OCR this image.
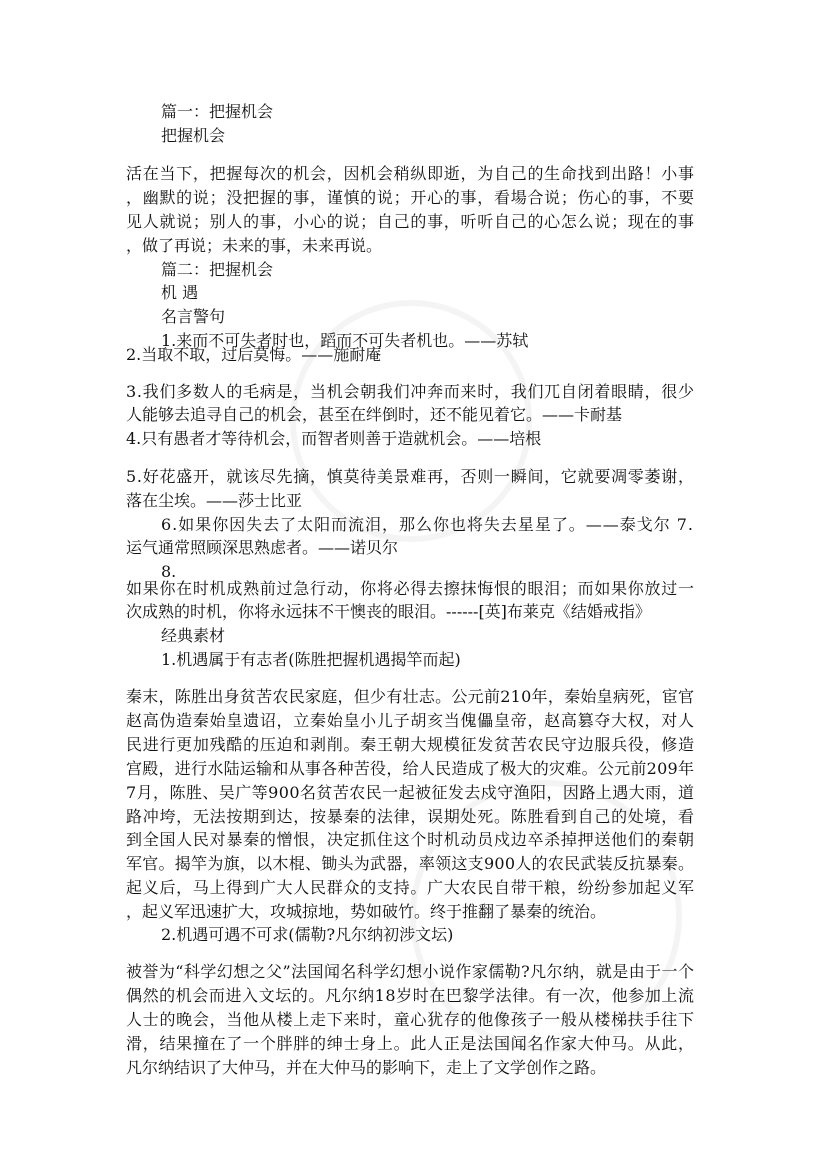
篇一：把握机会
把握机会
活在当下，把握每次的机会，因机会稍纵即逝，为自己的生命找到出路！小事
，幽默的说；没把握的事，谨慎的说；开心的事，看場合说；伤心的事，不要
见人就说；别人的事，小心的说；自己的事，听听自己的心怎么说；现在的事
，做了再说；未来的事，未来再说。
篇二：把握机会
机 遇
名言警句
1.来而不可失者时也，蹈而不可失者机也。——苏轼
2.当取不取，过后莫悔。——施耐庵
3.我们多数人的毛病是，当机会朝我们冲奔而来时，我们兀自闭着眼睛，很少
人能够去追寻自己的机会，甚至在绊倒时，还不能见着它。——卡耐基
4.只有愚者才等待机会，而智者则善于造就机会。——培根
5.好花盛开，就该尽先摘，慎莫待美景难再，否则一瞬间，它就要凋零萎谢，
落在尘埃。——莎士比亚
6.如果你因失去了太阳而流泪，那么你也将失去星星了。——泰戈尔 7.
运气通常照顾深思熟虑者。——诺贝尔
8.
如果你在时机成熟前过急行动，你将必得去擦抹悔恨的眼泪；而如果你放过一
次成熟的时机，你将永远抹不干懊丧的眼泪。------[英]布莱克《结婚戒指》
经典素材
1.机遇属于有志者(陈胜把握机遇揭竿而起)
秦末，陈胜出身贫苦农民家庭，但少有壮志。公元前210年，秦始皇病死，宦官
赵高伪造秦始皇遗诏，立秦始皇小儿子胡亥当傀儡皇帝，赵高篡夺大权，对人
民进行更加残酷的压迫和剥削。秦王朝大规模征发贫苦农民守边服兵役，修造
宫殿，进行水陆运输和从事各种苦役，给人民造成了极大的灾难。公元前209年
7月，陈胜、吴广等900名贫苦农民一起被征发去戍守渔阳，因路上遇大雨，道
路冲垮，无法按期到达，按暴秦的法律，误期处死。陈胜看到自己的处境，看
到全国人民对暴秦的憎恨，决定抓住这个时机动员戍边卒杀掉押送他们的秦朝
军官。揭竿为旗，以木棍、锄头为武器，率领这支900人的农民武装反抗暴秦。
起义后，马上得到广大人民群众的支持。广大农民自带干粮，纷纷参加起义军
，起义军迅速扩大，攻城掠地，势如破竹。终于推翻了暴秦的统治。
2.机遇可遇不可求(儒勒?凡尔纳初涉文坛)
被誉为“科学幻想之父”法国闻名科学幻想小说作家儒勒?凡尔纳，就是由于一个
偶然的机会而进入文坛的。凡尔纳18岁时在巴黎学法律。有一次，他参加上流
人士的晚会，当他从楼上走下来时，童心犹存的他像孩子一般从楼梯扶手往下
滑，结果撞在了一个胖胖的绅士身上。此人正是法国闻名作家大仲马。从此，
凡尔纳结识了大仲马，并在大仲马的影响下，走上了文学创作之路。
